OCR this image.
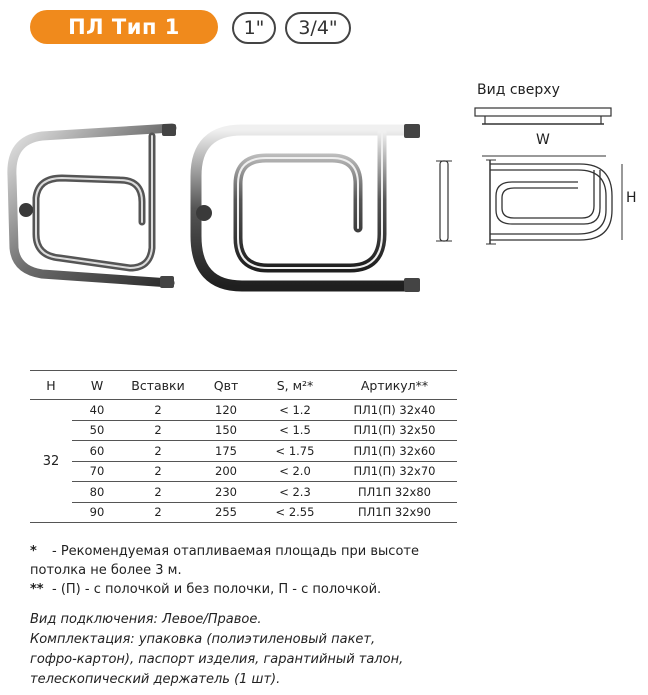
ПЛ Тип 1	1"	3/4"
Вид сверху
W
H
H	W	Вставки	Qвт	S, м²*	Артикул**
32	40	2	120	< 1.2	ПЛ1(П) 32x40
	50	2	150	< 1.5	ПЛ1(П) 32x50
	60	2	175	< 1.75	ПЛ1(П) 32x60
	70	2	200	< 2.0	ПЛ1(П) 32x70
	80	2	230	< 2.3	ПЛ1П 32x80
	90	2	255	< 2.55	ПЛ1П 32x90
*	- Рекомендуемая отапливаемая площадь при высоте
потолка не более 3 м.
** - (П) - с полочкой и без полочки, П - с полочкой.
Вид подключения: Левое/Правое.
Комплектация: упаковка (полиэтиленовый пакет,
гофро-картон), паспорт изделия, гарантийный талон,
телескопический держатель (1 шт).
